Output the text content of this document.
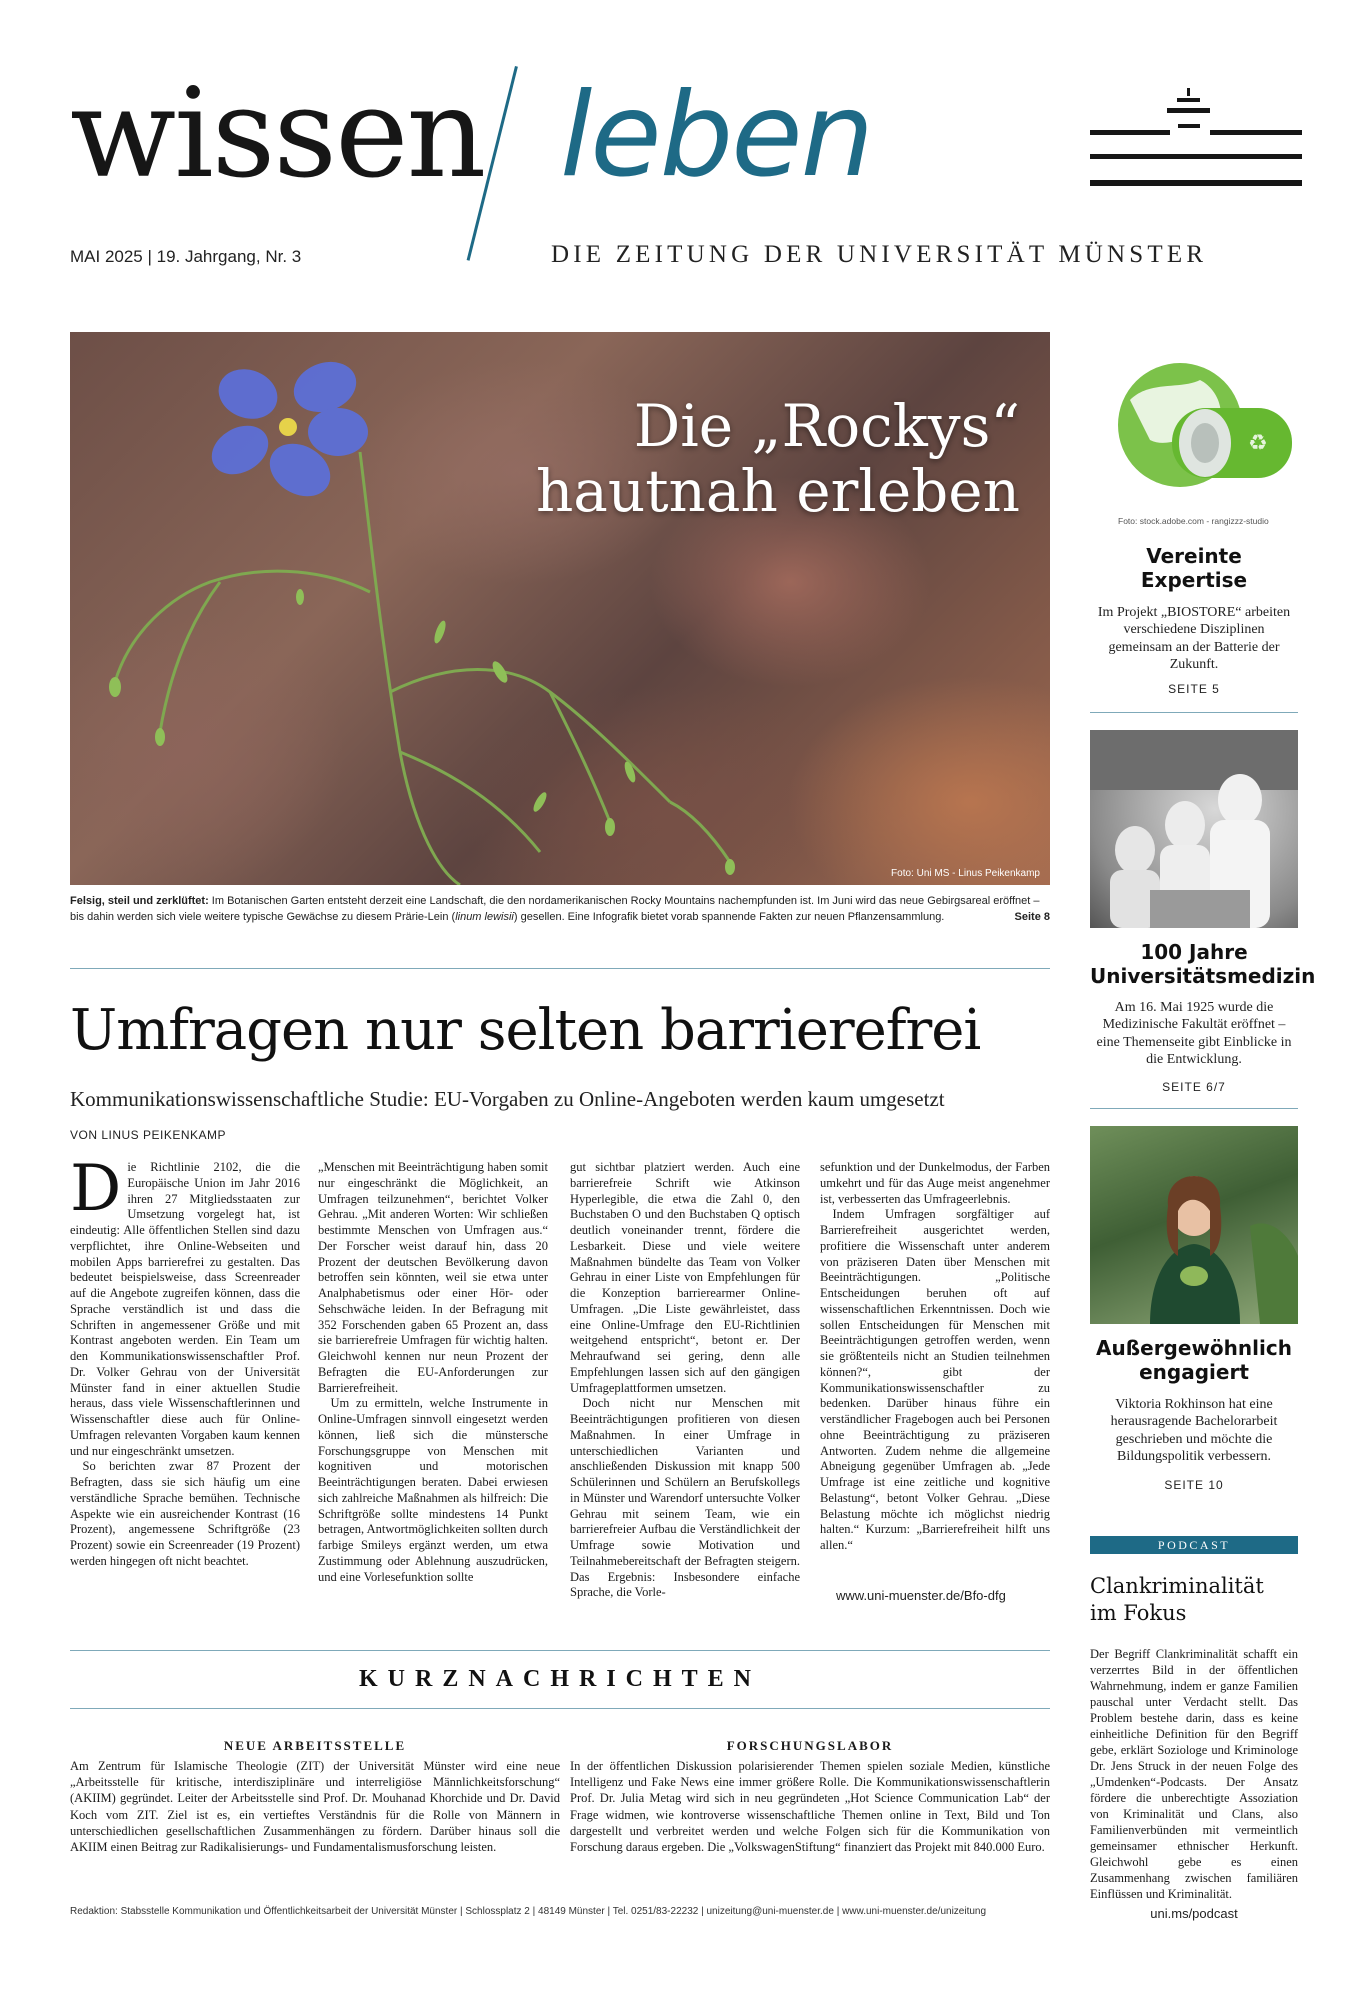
wissen leben
MAI 2025 | 19. Jahrgang, Nr. 3	DIE ZEITUNG DER UNIVERSITÄT MÜNSTER
Die „Rockys“
hautnah erleben
Foto: Uni MS - Linus Peikenkamp
Felsig, steil und zerklüftet: Im Botanischen Garten entsteht derzeit eine Landschaft, die den nordamerikanischen Rocky Mountains nachempfunden ist. Im Juni wird das neue Gebirgsareal eröffnet – bis dahin werden sich viele weitere typische Gewächse zu diesem Prärie-Lein (linum lewisii) gesellen. Eine Infografik bietet vorab spannende Fakten zur neuen Pflanzensammlung.	Seite 8
Umfragen nur selten barrierefrei
Kommunikationswissenschaftliche Studie: EU-Vorgaben zu Online-Angeboten werden kaum umgesetzt
VON LINUS PEIKENKAMP

Die Richtlinie 2102, die die Europäische Union im Jahr 2016 ihren 27 Mitgliedsstaaten zur Umsetzung vorgelegt hat, ist eindeutig: Alle öffentlichen Stellen sind dazu verpflichtet, ihre Online-Webseiten und mobilen Apps barrierefrei zu gestalten. Das bedeutet beispielsweise, dass Screenreader auf die Angebote zugreifen können, dass die Sprache verständlich ist und dass die Schriften in angemessener Größe und mit Kontrast angeboten werden. Ein Team um den Kommunikationswissenschaftler Prof. Dr. Volker Gehrau von der Universität Münster fand in einer aktuellen Studie heraus, dass viele Wissenschaftlerinnen und Wissenschaftler diese auch für Online-Umfragen relevanten Vorgaben kaum kennen und nur eingeschränkt umsetzen.

So berichten zwar 87 Prozent der Befragten, dass sie sich häufig um eine verständliche Sprache bemühen. Technische Aspekte wie ein ausreichender Kontrast (16 Prozent), angemessene Schriftgröße (23 Prozent) sowie ein Screenreader (19 Prozent) werden hingegen oft nicht beachtet.

„Menschen mit Beeinträchtigung haben somit nur eingeschränkt die Möglichkeit, an Umfragen teilzunehmen“, berichtet Volker Gehrau. „Mit anderen Worten: Wir schließen bestimmte Menschen von Umfragen aus.“ Der Forscher weist darauf hin, dass 20 Prozent der deutschen Bevölkerung davon betroffen sein könnten, weil sie etwa unter Analphabetismus oder einer Hör- oder Sehschwäche leiden. In der Befragung mit 352 Forschenden gaben 65 Prozent an, dass sie barrierefreie Umfragen für wichtig halten. Gleichwohl kennen nur neun Prozent der Befragten die EU-Anforderungen zur Barrierefreiheit.

Um zu ermitteln, welche Instrumente in Online-Umfragen sinnvoll eingesetzt werden können, ließ sich die münstersche Forschungsgruppe von Menschen mit kognitiven und motorischen Beeinträchtigungen beraten. Dabei erwiesen sich zahlreiche Maßnahmen als hilfreich: Die Schriftgröße sollte mindestens 14 Punkt betragen, Antwortmöglichkeiten sollten durch farbige Smileys ergänzt werden, um etwa Zustimmung oder Ablehnung auszudrücken, und eine Vorlesefunktion sollte

gut sichtbar platziert werden. Auch eine barrierefreie Schrift wie Atkinson Hyperlegible, die etwa die Zahl 0, den Buchstaben O und den Buchstaben Q optisch deutlich voneinander trennt, fördere die Lesbarkeit. Diese und viele weitere Maßnahmen bündelte das Team von Volker Gehrau in einer Liste von Empfehlungen für die Konzeption barrierearmer Online-Umfragen. „Die Liste gewährleistet, dass eine Online-Umfrage den EU-Richtlinien weitgehend entspricht“, betont er. Der Mehraufwand sei gering, denn alle Empfehlungen lassen sich auf den gängigen Umfrageplattformen umsetzen.

Doch nicht nur Menschen mit Beeinträchtigungen profitieren von diesen Maßnahmen. In einer Umfrage in unterschiedlichen Varianten und anschließenden Diskussion mit knapp 500 Schülerinnen und Schülern an Berufskollegs in Münster und Warendorf untersuchte Volker Gehrau mit seinem Team, wie ein barrierefreier Aufbau die Verständlichkeit der Umfrage sowie Motivation und Teilnahmebereitschaft der Befragten steigern. Das Ergebnis: Insbesondere einfache Sprache, die Vorle-

sefunktion und der Dunkelmodus, der Farben umkehrt und für das Auge meist angenehmer ist, verbesserten das Umfrageerlebnis.

Indem Umfragen sorgfältiger auf Barrierefreiheit ausgerichtet werden, profitiere die Wissenschaft unter anderem von präziseren Daten über Menschen mit Beeinträchtigungen. „Politische Entscheidungen beruhen oft auf wissenschaftlichen Erkenntnissen. Doch wie sollen Entscheidungen für Menschen mit Beeinträchtigungen getroffen werden, wenn sie größtenteils nicht an Studien teilnehmen können?“, gibt der Kommunikationswissenschaftler zu bedenken. Darüber hinaus führe ein verständlicher Fragebogen auch bei Personen ohne Beeinträchtigung zu präziseren Antworten. Zudem nehme die allgemeine Abneigung gegenüber Umfragen ab. „Jede Umfrage ist eine zeitliche und kognitive Belastung“, betont Volker Gehrau. „Diese Belastung möchte ich möglichst niedrig halten.“ Kurzum: „Barrierefreiheit hilft uns allen.“

www.uni-muenster.de/Bfo-dfg
KURZNACHRICHTEN
NEUE ARBEITSSTELLE

Am Zentrum für Islamische Theologie (ZIT) der Universität Münster wird eine neue „Arbeitsstelle für kritische, interdisziplinäre und interreligiöse Männlichkeitsforschung“ (AKIIM) gegründet. Leiter der Arbeitsstelle sind Prof. Dr. Mouhanad Khorchide und Dr. David Koch vom ZIT. Ziel ist es, ein vertieftes Verständnis für die Rolle von Männern in unterschiedlichen gesellschaftlichen Zusammenhängen zu fördern. Darüber hinaus soll die AKIIM einen Beitrag zur Radikalisierungs- und Fundamentalismusforschung leisten.

FORSCHUNGSLABOR

In der öffentlichen Diskussion polarisierender Themen spielen soziale Medien, künstliche Intelligenz und Fake News eine immer größere Rolle. Die Kommunikationswissenschaftlerin Prof. Dr. Julia Metag wird sich in neu gegründeten „Hot Science Communication Lab“ der Frage widmen, wie kontroverse wissenschaftliche Themen online in Text, Bild und Ton dargestellt und verbreitet werden und welche Folgen sich für die Kommunikation von Forschung daraus ergeben. Die „VolkswagenStiftung“ finanziert das Projekt mit 840.000 Euro.

Redaktion: Stabsstelle Kommunikation und Öffentlichkeitsarbeit der Universität Münster | Schlossplatz 2 | 48149 Münster | Tel. 0251/83-22232 | unizeitung@uni-muenster.de | www.uni-muenster.de/unizeitung
♻
Foto: stock.adobe.com - rangizzz-studio
Vereinte
Expertise
Im Projekt „BIOSTORE“ arbeiten verschiedene Disziplinen gemeinsam an der Batterie der Zukunft.
SEITE 5
100 Jahre
Universitätsmedizin
Am 16. Mai 1925 wurde die Medizinische Fakultät eröffnet – eine Themenseite gibt Einblicke in die Entwicklung.
SEITE 6/7
Außergewöhnlich
engagiert
Viktoria Rokhinson hat eine herausragende Bachelorarbeit geschrieben und möchte die Bildungspolitik verbessern.
SEITE 10
PODCAST
Clankriminalität
im Fokus
Der Begriff Clankriminalität schafft ein verzerrtes Bild in der öffentlichen Wahrnehmung, indem er ganze Familien pauschal unter Verdacht stellt. Das Problem bestehe darin, dass es keine einheitliche Definition für den Begriff gebe, erklärt Soziologe und Kriminologe Dr. Jens Struck in der neuen Folge des „Umdenken“-Podcasts. Der Ansatz fördere die unberechtigte Assoziation von Kriminalität und Clans, also Familienverbünden mit vermeintlich gemeinsamer ethnischer Herkunft. Gleichwohl gebe es einen Zusammenhang zwischen familiären Einflüssen und Kriminalität.
uni.ms/podcast
